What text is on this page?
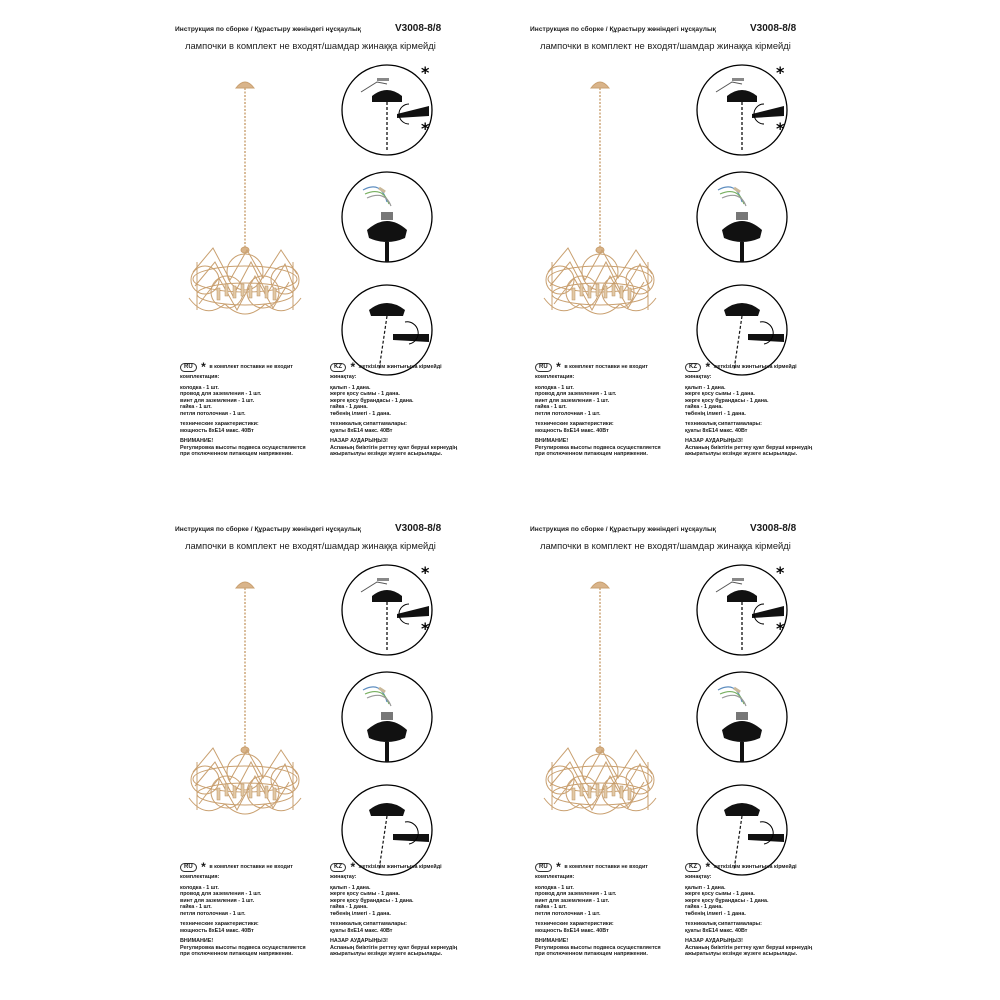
Инструкция по сборке / Құрастыру жөніндегі нұсқаулық	V3008-8/8
лампочки в комплект не входят/шамдар жинаққа кірмейді
*
*
RU * в комплект поставки не входит
комплектация:
колодка - 1 шт.
провод для заземления - 1 шт.
винт для заземления - 1 шт.
гайка - 1 шт.
петля потолочная - 1 шт.
технические характеристики:
мощность 8хЕ14 макс. 40Вт
ВНИМАНИЕ!
Регулировка высоты подвеса осуществляется
при отключенном питающем напряжении.
KZ * жеткізілім жинтығына кірмейді
жинақтау:
қалып - 1 дана.
жерге қосу сымы - 1 дана.
жерге қосу бұрандасы - 1 дана.
гайка - 1 дана.
төбенің ілмегі - 1 дана.
техникалық сипаттамалары:
қуаты 8хЕ14 макс. 40Вт
НАЗАР АУДАРЫҢЫЗ!
Аспаның биіктігін реттеу қуат беруші кернеудің
ажыратылуы кезінде жүзеге асырылады.
Инструкция по сборке / Құрастыру жөніндегі нұсқаулық	V3008-8/8
лампочки в комплект не входят/шамдар жинаққа кірмейді
*
*
RU * в комплект поставки не входит
комплектация:
колодка - 1 шт.
провод для заземления - 1 шт.
винт для заземления - 1 шт.
гайка - 1 шт.
петля потолочная - 1 шт.
технические характеристики:
мощность 8хЕ14 макс. 40Вт
ВНИМАНИЕ!
Регулировка высоты подвеса осуществляется
при отключенном питающем напряжении.
KZ * жеткізілім жинтығына кірмейді
жинақтау:
қалып - 1 дана.
жерге қосу сымы - 1 дана.
жерге қосу бұрандасы - 1 дана.
гайка - 1 дана.
төбенің ілмегі - 1 дана.
техникалық сипаттамалары:
қуаты 8хЕ14 макс. 40Вт
НАЗАР АУДАРЫҢЫЗ!
Аспаның биіктігін реттеу қуат беруші кернеудің
ажыратылуы кезінде жүзеге асырылады.
Инструкция по сборке / Құрастыру жөніндегі нұсқаулық	V3008-8/8
лампочки в комплект не входят/шамдар жинаққа кірмейді
*
*
RU * в комплект поставки не входит
комплектация:
колодка - 1 шт.
провод для заземления - 1 шт.
винт для заземления - 1 шт.
гайка - 1 шт.
петля потолочная - 1 шт.
технические характеристики:
мощность 8хЕ14 макс. 40Вт
ВНИМАНИЕ!
Регулировка высоты подвеса осуществляется
при отключенном питающем напряжении.
KZ * жеткізілім жинтығына кірмейді
жинақтау:
қалып - 1 дана.
жерге қосу сымы - 1 дана.
жерге қосу бұрандасы - 1 дана.
гайка - 1 дана.
төбенің ілмегі - 1 дана.
техникалық сипаттамалары:
қуаты 8хЕ14 макс. 40Вт
НАЗАР АУДАРЫҢЫЗ!
Аспаның биіктігін реттеу қуат беруші кернеудің
ажыратылуы кезінде жүзеге асырылады.
Инструкция по сборке / Құрастыру жөніндегі нұсқаулық	V3008-8/8
лампочки в комплект не входят/шамдар жинаққа кірмейді
*
*
RU * в комплект поставки не входит
комплектация:
колодка - 1 шт.
провод для заземления - 1 шт.
винт для заземления - 1 шт.
гайка - 1 шт.
петля потолочная - 1 шт.
технические характеристики:
мощность 8хЕ14 макс. 40Вт
ВНИМАНИЕ!
Регулировка высоты подвеса осуществляется
при отключенном питающем напряжении.
KZ * жеткізілім жинтығына кірмейді
жинақтау:
қалып - 1 дана.
жерге қосу сымы - 1 дана.
жерге қосу бұрандасы - 1 дана.
гайка - 1 дана.
төбенің ілмегі - 1 дана.
техникалық сипаттамалары:
қуаты 8хЕ14 макс. 40Вт
НАЗАР АУДАРЫҢЫЗ!
Аспаның биіктігін реттеу қуат беруші кернеудің
ажыратылуы кезінде жүзеге асырылады.
